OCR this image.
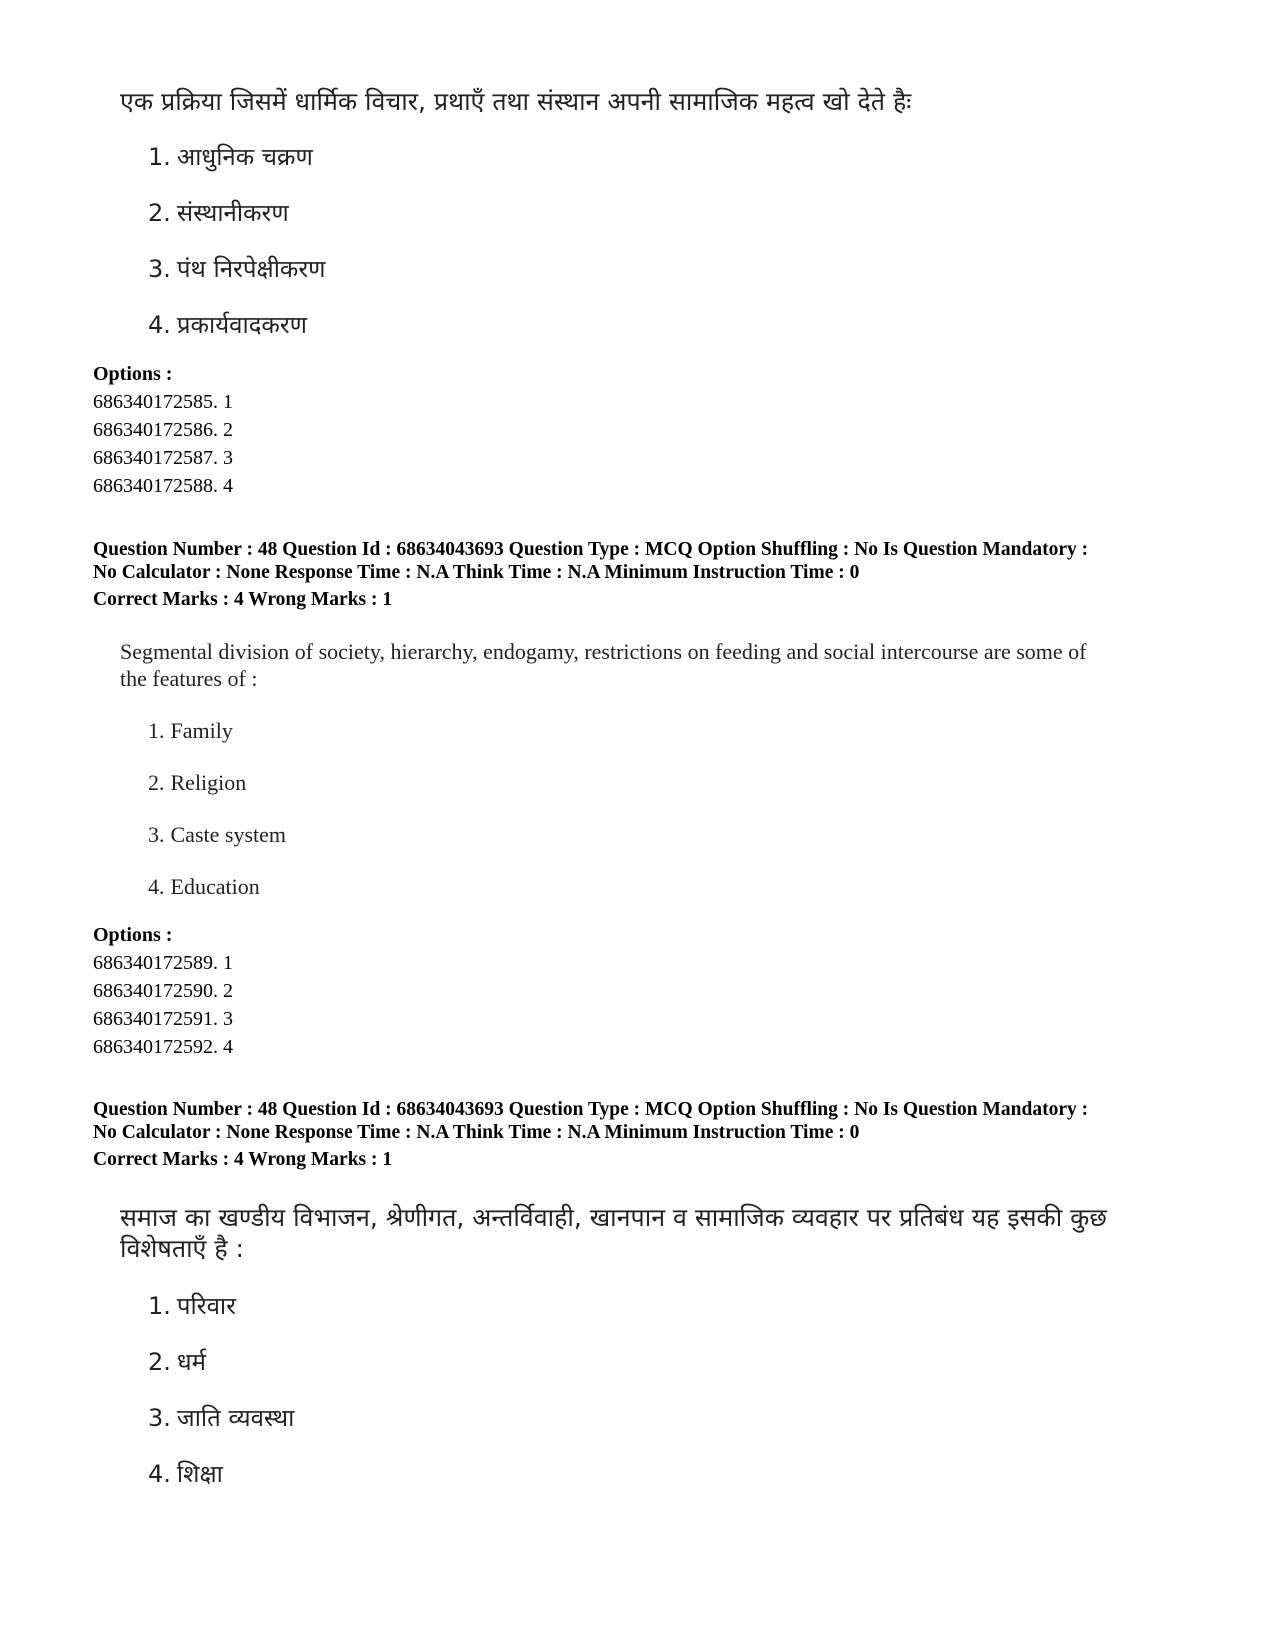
एक प्रक्रिया जिसमें धार्मिक विचार, प्रथाएँ तथा संस्थान अपनी सामाजिक महत्व खो देते हैः
1. आधुनिक चक्रण
2. संस्थानीकरण
3. पंथ निरपेक्षीकरण
4. प्रकार्यवादकरण
Options :
686340172585. 1
686340172586. 2
686340172587. 3
686340172588. 4
Question Number : 48 Question Id : 68634043693 Question Type : MCQ Option Shuffling : No Is Question Mandatory :
No Calculator : None Response Time : N.A Think Time : N.A Minimum Instruction Time : 0
Correct Marks : 4 Wrong Marks : 1
Segmental division of society, hierarchy, endogamy, restrictions on feeding and social intercourse are some of
the features of :
1. Family
2. Religion
3. Caste system
4. Education
Options :
686340172589. 1
686340172590. 2
686340172591. 3
686340172592. 4
Question Number : 48 Question Id : 68634043693 Question Type : MCQ Option Shuffling : No Is Question Mandatory :
No Calculator : None Response Time : N.A Think Time : N.A Minimum Instruction Time : 0
Correct Marks : 4 Wrong Marks : 1
समाज का खण्डीय विभाजन, श्रेणीगत, अन्तर्विवाही, खानपान व सामाजिक व्यवहार पर प्रतिबंध यह इसकी कुछ
विशेषताएँ है :
1. परिवार
2. धर्म
3. जाति व्यवस्था
4. शिक्षा
